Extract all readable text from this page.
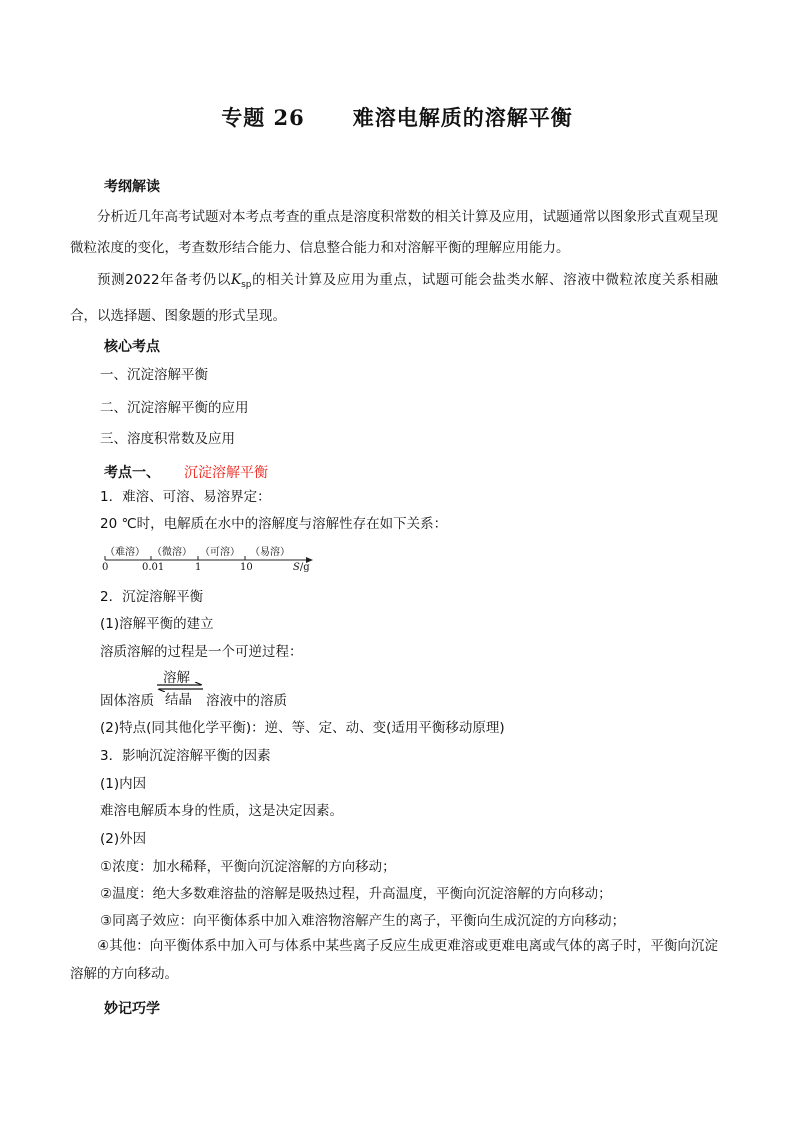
专题 26 难溶电解质的溶解平衡
考纲解读
分析近几年高考试题对本考点考查的重点是溶度积常数的相关计算及应用，试题通常以图象形式直观呈现微粒浓度的变化，考查数形结合能力、信息整合能力和对溶解平衡的理解应用能力。
预测2022年备考仍以$K_{sp}$的相关计算及应用为重点，试题可能会盐类水解、溶液中微粒浓度关系相融合，以选择题、图象题的形式呈现。
核心考点
一、沉淀溶解平衡
二、沉淀溶解平衡的应用
三、溶度积常数及应用
考点一、 沉淀溶解平衡
1．难溶、可溶、易溶界定：
20 ℃时，电解质在水中的溶解度与溶解性存在如下关系：
（难溶） （微溶） （可溶） （易溶）
0	0.01	1	10	S/g
2．沉淀溶解平衡
(1)溶解平衡的建立
溶质溶解的过程是一个可逆过程：
固体溶质
溶解
结晶 溶液中的溶质
(2)特点(同其他化学平衡)：逆、等、定、动、变(适用平衡移动原理)
3．影响沉淀溶解平衡的因素
(1)内因
难溶电解质本身的性质，这是决定因素。
(2)外因
①浓度：加水稀释，平衡向沉淀溶解的方向移动；
②温度：绝大多数难溶盐的溶解是吸热过程，升高温度，平衡向沉淀溶解的方向移动；
③同离子效应：向平衡体系中加入难溶物溶解产生的离子，平衡向生成沉淀的方向移动；
④其他：向平衡体系中加入可与体系中某些离子反应生成更难溶或更难电离或气体的离子时，平衡向沉淀溶解的方向移动。
妙记巧学
